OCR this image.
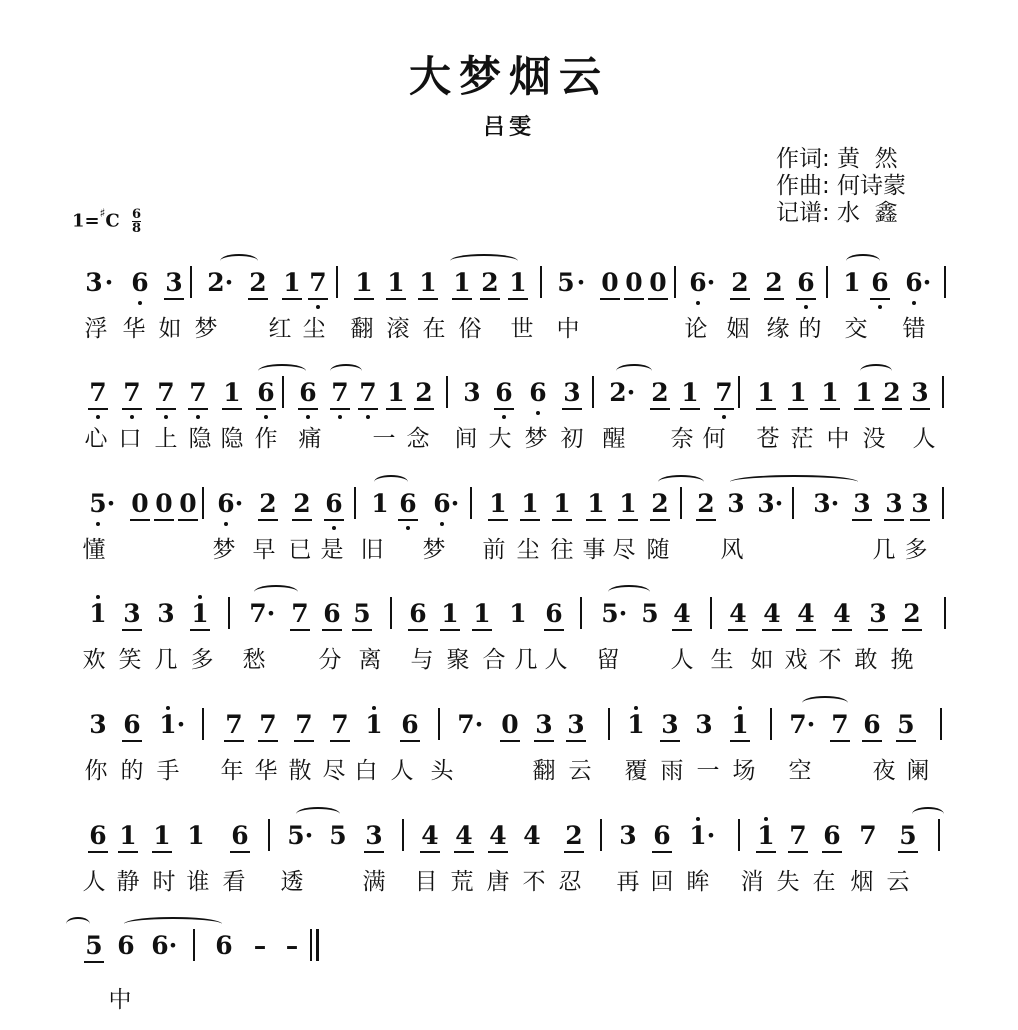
大梦烟云
吕雯
作词: 黄  然
作曲: 何诗蒙
记谱: 水  鑫
$1=^♯C \frac{6}{8}$
3 · 6 3 2 · 2 1 7 1 1 1 1 2 1 5 · 0 0 0 6 · 2 2 6 1 6 6 ·
浮 华 如 梦 红 尘 翻 滚 在 俗 世 中	论 姻 缘 的 交 错
7 7 7 7 1 6 6 7 7 1 2 3 6 6 3 2 · 2 1 7 1 1 1 1 2 3
心 口 上 隐 隐 作 痛 一 念 间 大 梦 初 醒 奈 何 苍 茫 中 没 人
5 · 0 0 0 6 · 2 2 6 1 6 6 · 1 1 1 1 1 2 2 3 3 · 3 · 3 3 3
懂	梦 早 已 是 旧 梦 前 尘 往 事 尽 随 风	几 多
1 3 3 1 7 · 7 6 5 6 1 1 1 6 5 · 5 4 4 4 4 4 3 2
欢 笑 几 多 愁 分 离 与 聚 合 几 人 留 人 生 如 戏 不 敢 挽
3 6 1 · 7 7 7 7 1 6 7 · 0 3 3 1 3 3 1 7 · 7 6 5
你 的 手 年 华 散 尽 白 人 头	翻 云 覆 雨 一 场 空	夜 阑
6 1 1 1 6 5 · 5 3 4 4 4 4 2 3 6 1 · 1 7 6 7 5
人 静 时 谁 看 透	满 目 荒 唐 不 忍 再 回 眸 消 失 在 烟 云
5 6 6 · 6 – –
中
